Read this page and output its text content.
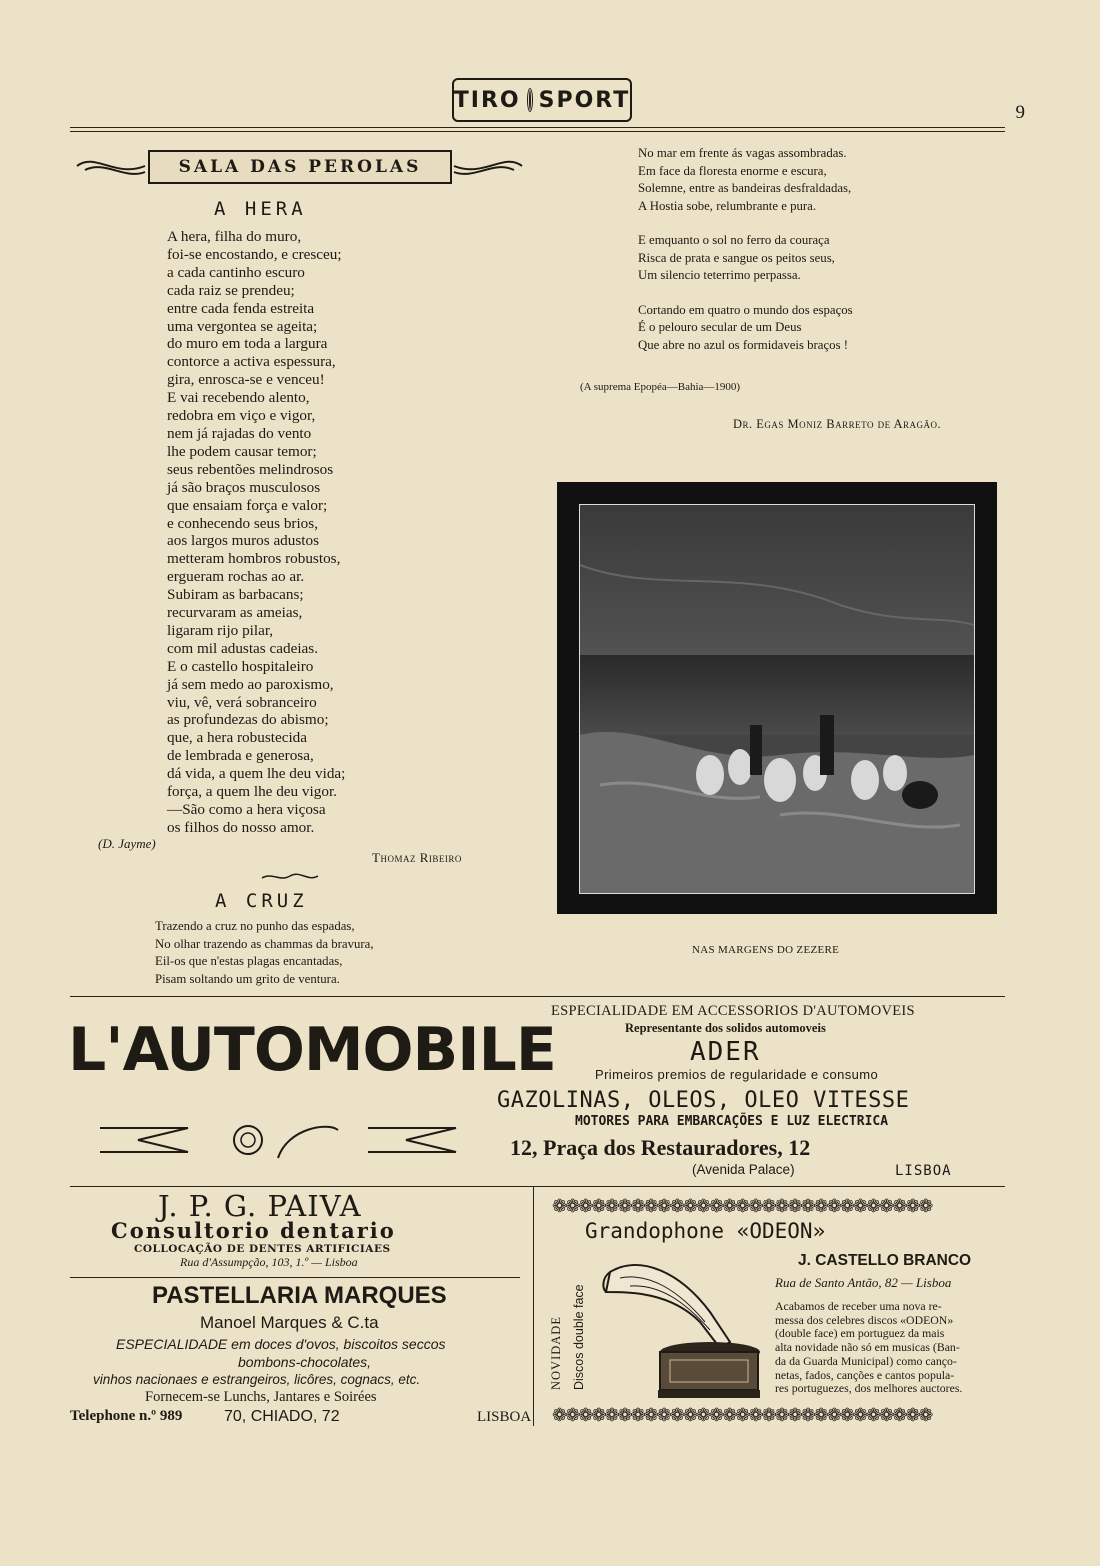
TIRO SPORT	9
SALA DAS PEROLAS
A HERA
A hera, filha do muro,
foi-se encostando, e cresceu;
a cada cantinho escuro
cada raiz se prendeu;
entre cada fenda estreita
uma vergontea se ageita;
do muro em toda a largura
contorce a activa espessura,
gira, enrosca-se e venceu!
E vai recebendo alento,
redobra em viço e vigor,
nem já rajadas do vento
lhe podem causar temor;
seus rebentões melindrosos
já são braços musculosos
que ensaiam força e valor;
e conhecendo seus brios,
aos largos muros adustos
metteram hombros robustos,
ergueram rochas ao ar.
Subiram as barbacans;
recurvaram as ameias,
ligaram rijo pilar,
com mil adustas cadeias.
E o castello hospitaleiro
já sem medo ao paroxismo,
viu, vê, verá sobranceiro
as profundezas do abismo;
que, a hera robustecida
de lembrada e generosa,
dá vida, a quem lhe deu vida;
força, a quem lhe deu vigor.
—São como a hera viçosa
os filhos do nosso amor.
(D. Jayme)
Thomaz Ribeiro
A CRUZ
Trazendo a cruz no punho das espadas,
No olhar trazendo as chammas da bravura,
Eil-os que n'estas plagas encantadas,
Pisam soltando um grito de ventura.
No mar em frente ás vagas assombradas.
Em face da floresta enorme e escura,
Solemne, entre as bandeiras desfraldadas,
A Hostia sobe, relumbrante e pura.
E emquanto o sol no ferro da couraça
Risca de prata e sangue os peitos seus,
Um silencio teterrimo perpassa.
Cortando em quatro o mundo dos espaços
É o pelouro secular de um Deus
Que abre no azul os formidaveis braços !
(A suprema Epopéa—Bahia—1900)
Dr. Egas Moniz Barreto de Aragão.
NAS MARGENS DO ZEZERE
L'AUTOMOBILE
ESPECIALIDADE EM ACCESSORIOS D'AUTOMOVEIS
Representante dos solidos automoveis
ADER
Primeiros premios de regularidade e consumo
GAZOLINAS, OLEOS, OLEO VITESSE
MOTORES PARA EMBARCAÇÕES E LUZ ELECTRICA
12, Praça dos Restauradores, 12
(Avenida Palace)	LISBOA
J. P. G. PAIVA
Consultorio dentario
COLLOCAÇÃO DE DENTES ARTIFICIAES
Rua d'Assumpção, 103, 1.º — Lisboa
PASTELLARIA MARQUES
Manoel Marques & C.ta
ESPECIALIDADE em doces d'ovos, biscoitos seccos
bombons-chocolates,
vinhos nacionaes e estrangeiros, licôres, cognacs, etc.
Fornecem-se Lunchs, Jantares e Soirées
Telephone n.º 989	70, CHIADO, 72	LISBOA
❁❁❁❁❁❁❁❁❁❁❁❁❁❁❁❁❁❁❁❁❁❁❁❁❁❁❁❁❁
Grandophone «ODEON»
NOVIDADE Discos double face
J. CASTELLO BRANCO
Rua de Santo Antão, 82 — Lisboa
Acabamos de receber uma nova re-
messa dos celebres discos «ODEON»
(double face) em portuguez da mais
alta novidade não só em musicas (Ban-
da da Guarda Municipal) como canço-
netas, fados, canções e cantos popula-
res portuguezes, dos melhores auctores.
❁❁❁❁❁❁❁❁❁❁❁❁❁❁❁❁❁❁❁❁❁❁❁❁❁❁❁❁❁
